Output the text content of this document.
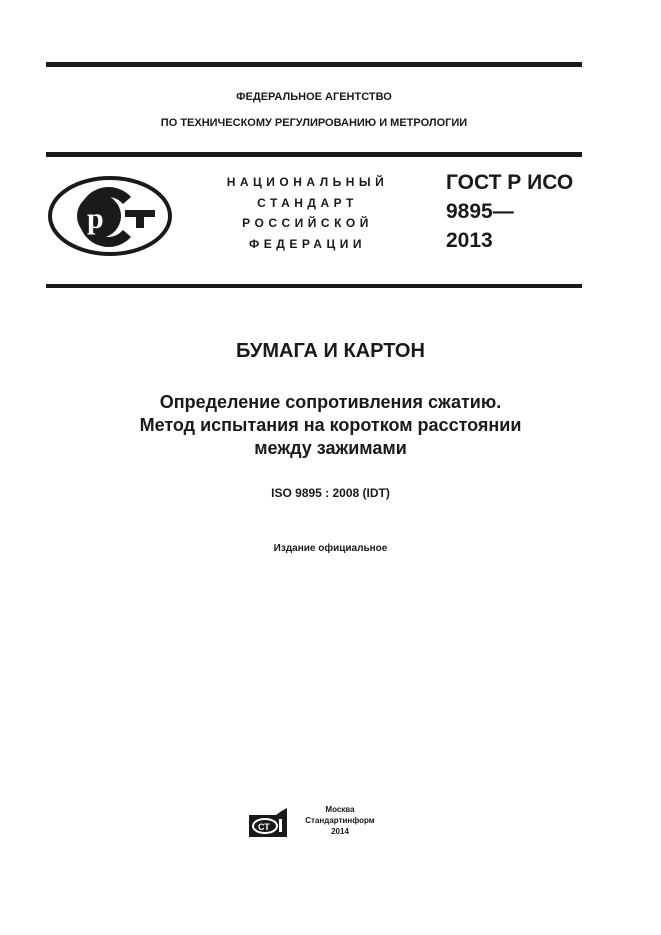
ФЕДЕРАЛЬНОЕ АГЕНТСТВО
ПО ТЕХНИЧЕСКОМУ РЕГУЛИРОВАНИЮ И МЕТРОЛОГИИ
p
НАЦИОНАЛЬНЫЙ
СТАНДАРТ
РОССИЙСКОЙ
ФЕДЕРАЦИИ
ГОСТ Р ИСО
9895—
2013
БУМАГА И КАРТОН
Определение сопротивления сжатию.
Метод испытания на коротком расстоянии
между зажимами
ISO 9895 : 2008 (IDT)
Издание официальное
СТ
Москва
Стандартинформ
2014
